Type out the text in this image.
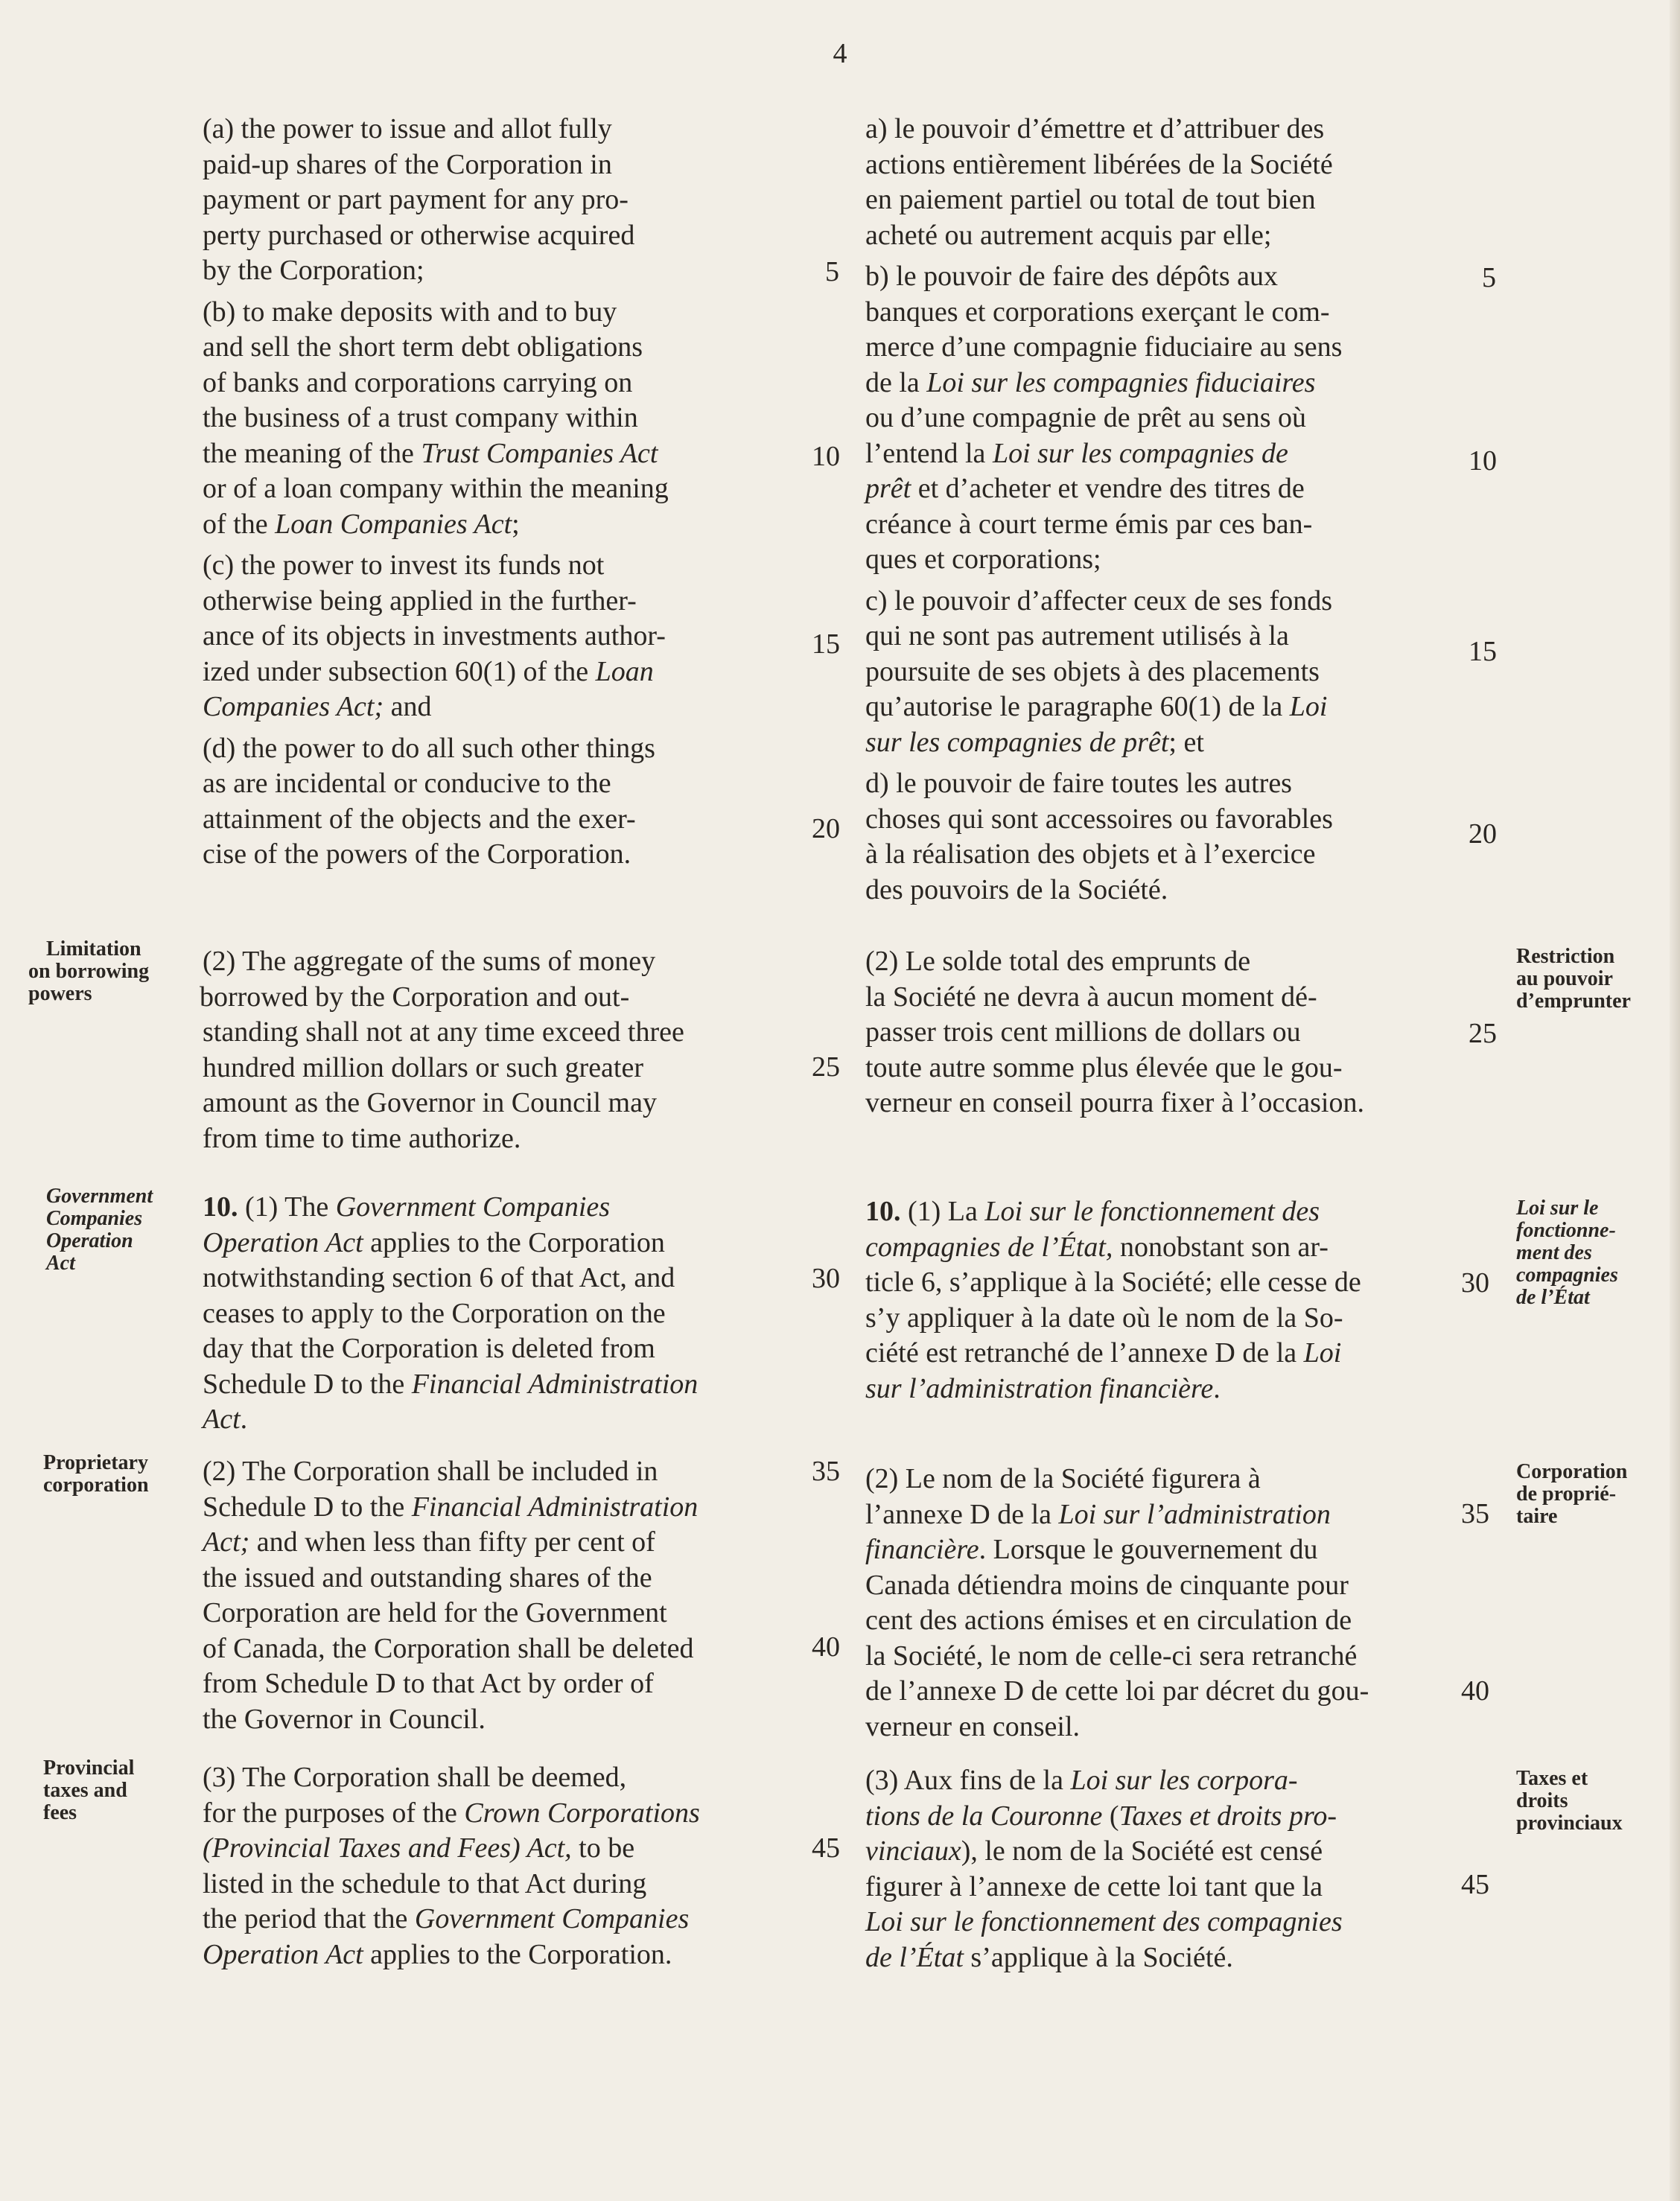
4
(a) the power to issue and allot fully
paid-up shares of the Corporation in
payment or part payment for any pro-
perty purchased or otherwise acquired
by the Corporation;
(b) to make deposits with and to buy
and sell the short term debt obligations
of banks and corporations carrying on
the business of a trust company within
the meaning of the Trust Companies Act
or of a loan company within the meaning
of the Loan Companies Act;
(c) the power to invest its funds not
otherwise being applied in the further-
ance of its objects in investments author-
ized under subsection 60(1) of the Loan
Companies Act; and
(d) the power to do all such other things
as are incidental or conducive to the
attainment of the objects and the exer-
cise of the powers of the Corporation.
(2) The aggregate of the sums of money
borrowed by the Corporation and out-
standing shall not at any time exceed three
hundred million dollars or such greater
amount as the Governor in Council may
from time to time authorize.
10. (1) The Government Companies
Operation Act applies to the Corporation
notwithstanding section 6 of that Act, and
ceases to apply to the Corporation on the
day that the Corporation is deleted from
Schedule D to the Financial Administration
Act.
(2) The Corporation shall be included in
Schedule D to the Financial Administration
Act; and when less than fifty per cent of
the issued and outstanding shares of the
Corporation are held for the Government
of Canada, the Corporation shall be deleted
from Schedule D to that Act by order of
the Governor in Council.
(3) The Corporation shall be deemed,
for the purposes of the Crown Corporations
(Provincial Taxes and Fees) Act, to be
listed in the schedule to that Act during
the period that the Government Companies
Operation Act applies to the Corporation.
5
10
15
20
25
30
35
40
45
Limitation
on borrowing
powers
Government
Companies
Operation
Act
Proprietary
corporation
Provincial
taxes and
fees
a) le pouvoir d’émettre et d’attribuer des
actions entièrement libérées de la Société
en paiement partiel ou total de tout bien
acheté ou autrement acquis par elle;
b) le pouvoir de faire des dépôts aux
banques et corporations exerçant le com-
merce d’une compagnie fiduciaire au sens
de la Loi sur les compagnies fiduciaires
ou d’une compagnie de prêt au sens où
l’entend la Loi sur les compagnies de
prêt et d’acheter et vendre des titres de
créance à court terme émis par ces ban-
ques et corporations;
c) le pouvoir d’affecter ceux de ses fonds
qui ne sont pas autrement utilisés à la
poursuite de ses objets à des placements
qu’autorise le paragraphe 60(1) de la Loi
sur les compagnies de prêt; et
d) le pouvoir de faire toutes les autres
choses qui sont accessoires ou favorables
à la réalisation des objets et à l’exercice
des pouvoirs de la Société.
(2) Le solde total des emprunts de
la Société ne devra à aucun moment dé-
passer trois cent millions de dollars ou
toute autre somme plus élevée que le gou-
verneur en conseil pourra fixer à l’occasion.
10. (1) La Loi sur le fonctionnement des
compagnies de l’État, nonobstant son ar-
ticle 6, s’applique à la Société; elle cesse de
s’y appliquer à la date où le nom de la So-
ciété est retranché de l’annexe D de la Loi
sur l’administration financière.
(2) Le nom de la Société figurera à
l’annexe D de la Loi sur l’administration
financière. Lorsque le gouvernement du
Canada détiendra moins de cinquante pour
cent des actions émises et en circulation de
la Société, le nom de celle-ci sera retranché
de l’annexe D de cette loi par décret du gou-
verneur en conseil.
(3) Aux fins de la Loi sur les corpora-
tions de la Couronne (Taxes et droits pro-
vinciaux), le nom de la Société est censé
figurer à l’annexe de cette loi tant que la
Loi sur le fonctionnement des compagnies
de l’État s’applique à la Société.
5
10
15
20
25
30
35
40
45
Restriction
au pouvoir
d’emprunter
Loi sur le
fonctionne-
ment des
compagnies
de l’État
Corporation
de proprié-
taire
Taxes et
droits
provinciaux
